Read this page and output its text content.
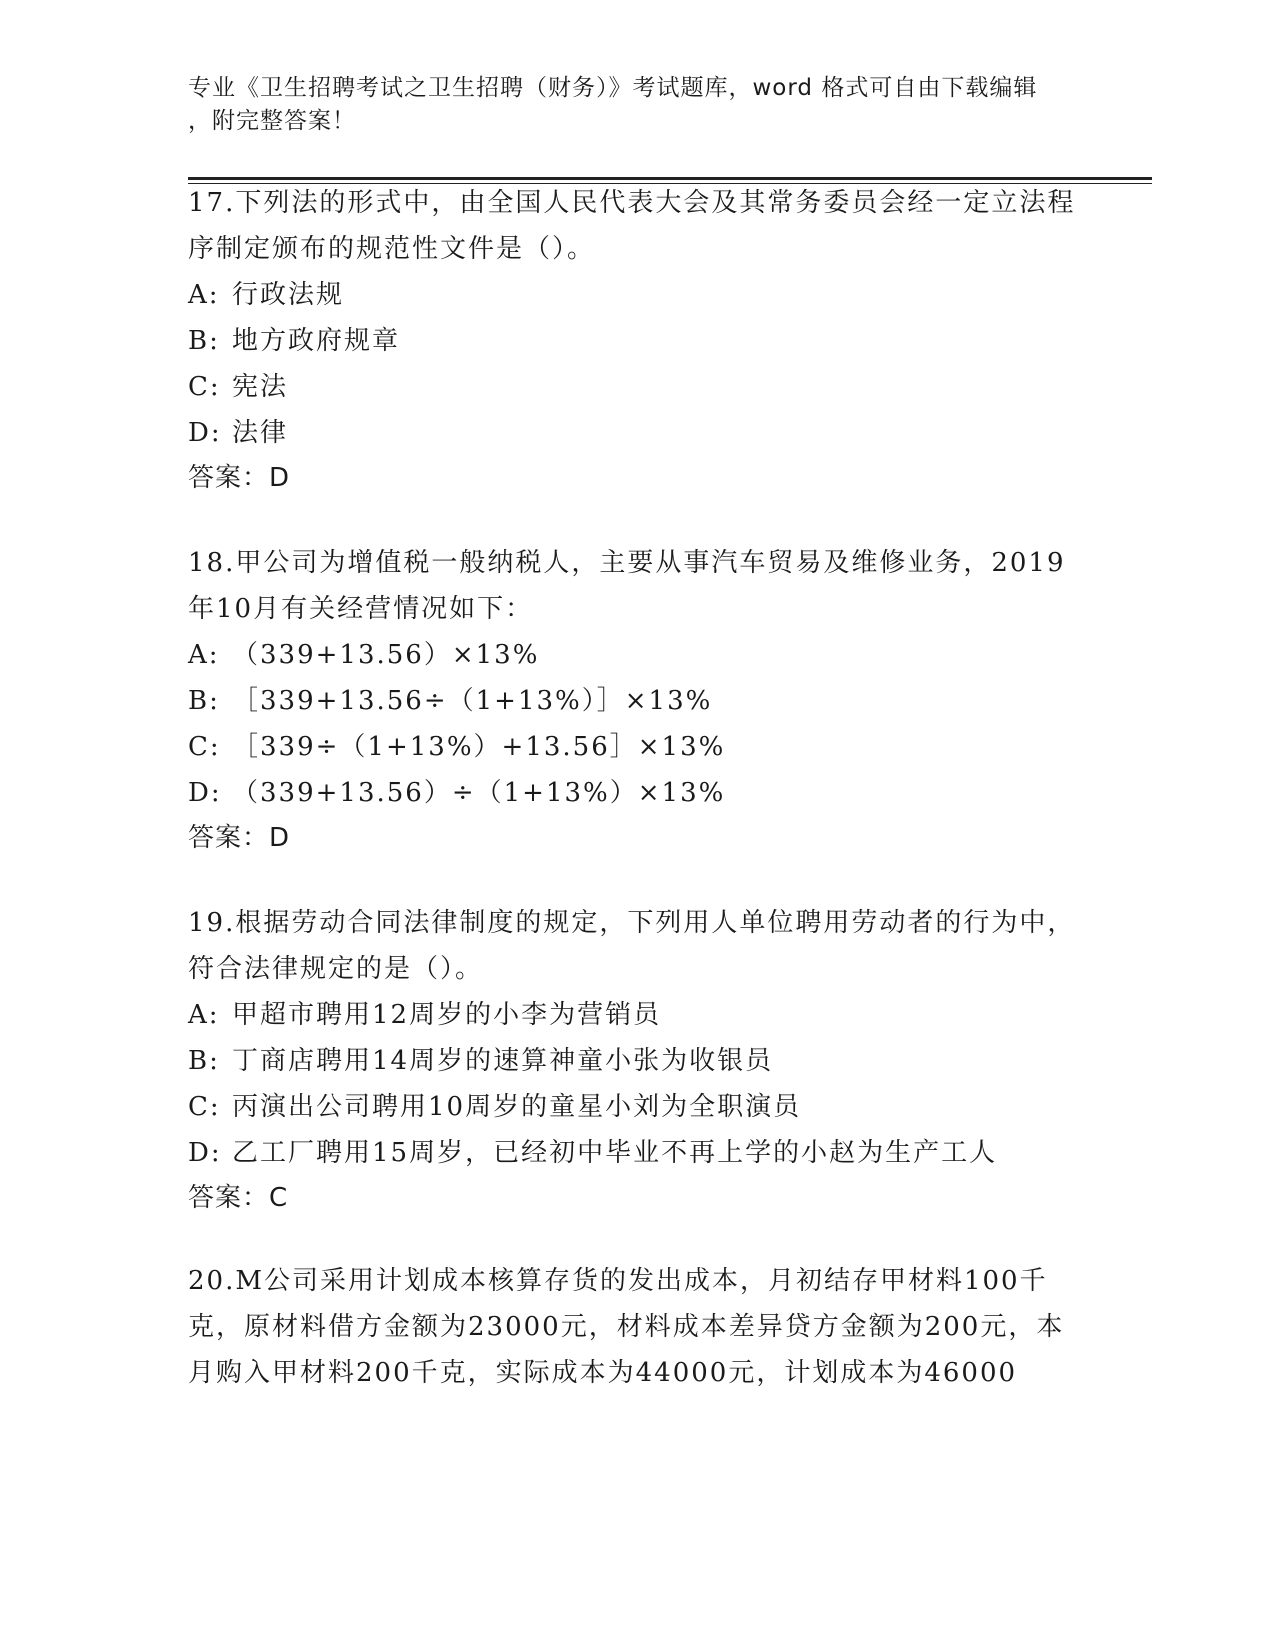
专业《卫生招聘考试之卫生招聘（财务）》考试题库，word 格式可自由下载编辑
，附完整答案！

17.下列法的形式中，由全国人民代表大会及其常务委员会经一定立法程序制定颁布的规范性文件是（）。

A: 行政法规

B: 地方政府规章

C: 宪法

D: 法律

答案：D

18.甲公司为增值税一般纳税人，主要从事汽车贸易及维修业务，2019年10月有关经营情况如下：

A: （339+13.56）×13%

B: ［339+13.56÷（1+13%）］×13%

C: ［339÷（1+13%）+13.56］×13%

D: （339+13.56）÷（1+13%）×13%

答案：D

19.根据劳动合同法律制度的规定，下列用人单位聘用劳动者的行为中，符合法律规定的是（）。

A: 甲超市聘用12周岁的小李为营销员

B: 丁商店聘用14周岁的速算神童小张为收银员

C: 丙演出公司聘用10周岁的童星小刘为全职演员

D: 乙工厂聘用15周岁，已经初中毕业不再上学的小赵为生产工人

答案：C

20.M公司采用计划成本核算存货的发出成本，月初结存甲材料100千克，原材料借方金额为23000元，材料成本差异贷方金额为200元，本月购入甲材料200千克，实际成本为44000元，计划成本为46000
